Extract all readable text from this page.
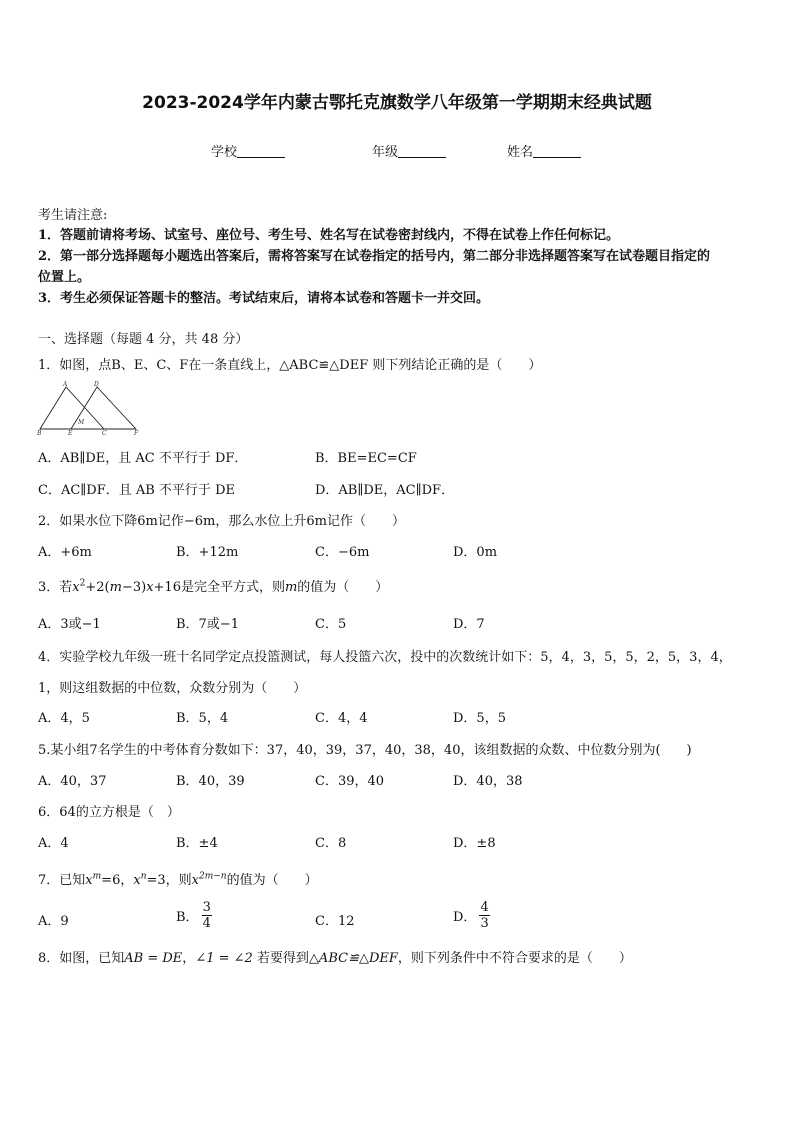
2023-2024学年内蒙古鄂托克旗数学八年级第一学期期末经典试题
学校	年级	姓名
考生请注意:
1．答题前请将考场、试室号、座位号、考生号、姓名写在试卷密封线内，不得在试卷上作任何标记。
2．第一部分选择题每小题选出答案后，需将答案写在试卷指定的括号内，第二部分非选择题答案写在试卷题目指定的
位置上。
3．考生必须保证答题卡的整洁。考试结束后，请将本试卷和答题卡一并交回。
一、选择题（每题 4 分，共 48 分）
1．如图，点B、E、C、F在一条直线上，△ABC≌△DEF 则下列结论正确的是（　　）
A	D
B	E
M
C	F
A．AB∥DE，且 AC 不平行于 DF．	B．BE=EC=CF
C．AC∥DF．且 AB 不平行于 DE	D．AB∥DE，AC∥DF．
2．如果水位下降6m记作−6m，那么水位上升6m记作（　　）
A．+6m	B．+12m	C．−6m	D．0m
3．若$x^2+2(m-3)x+16$是完全平方式，则m的值为（　　）
A．3或−1	B．7或−1	C．5	D．7
4．实验学校九年级一班十名同学定点投篮测试，每人投篮六次，投中的次数统计如下：5，4，3，5，5，2，5，3，4，
1，则这组数据的中位数，众数分别为（　　）
A．4，5	B．5，4	C．4，4	D．5，5
5.某小组7名学生的中考体育分数如下：37，40，39，37，40，38，40，该组数据的众数、中位数分别为(　　)
A．40，37	B．40，39	C．39，40	D．40，38
6．64的立方根是（　）
A．4	B．±4	C．8	D．±8
7．已知$x^m=6$，$x^n=3$，则$x^{2m-n}$的值为（　　）
A．9	B． $\frac{3}{4}$	C．12	D． $\frac{4}{3}$
8．如图，已知AB = DE，∠1 = ∠2 若要得到△ABC≌△DEF，则下列条件中不符合要求的是（　　）
